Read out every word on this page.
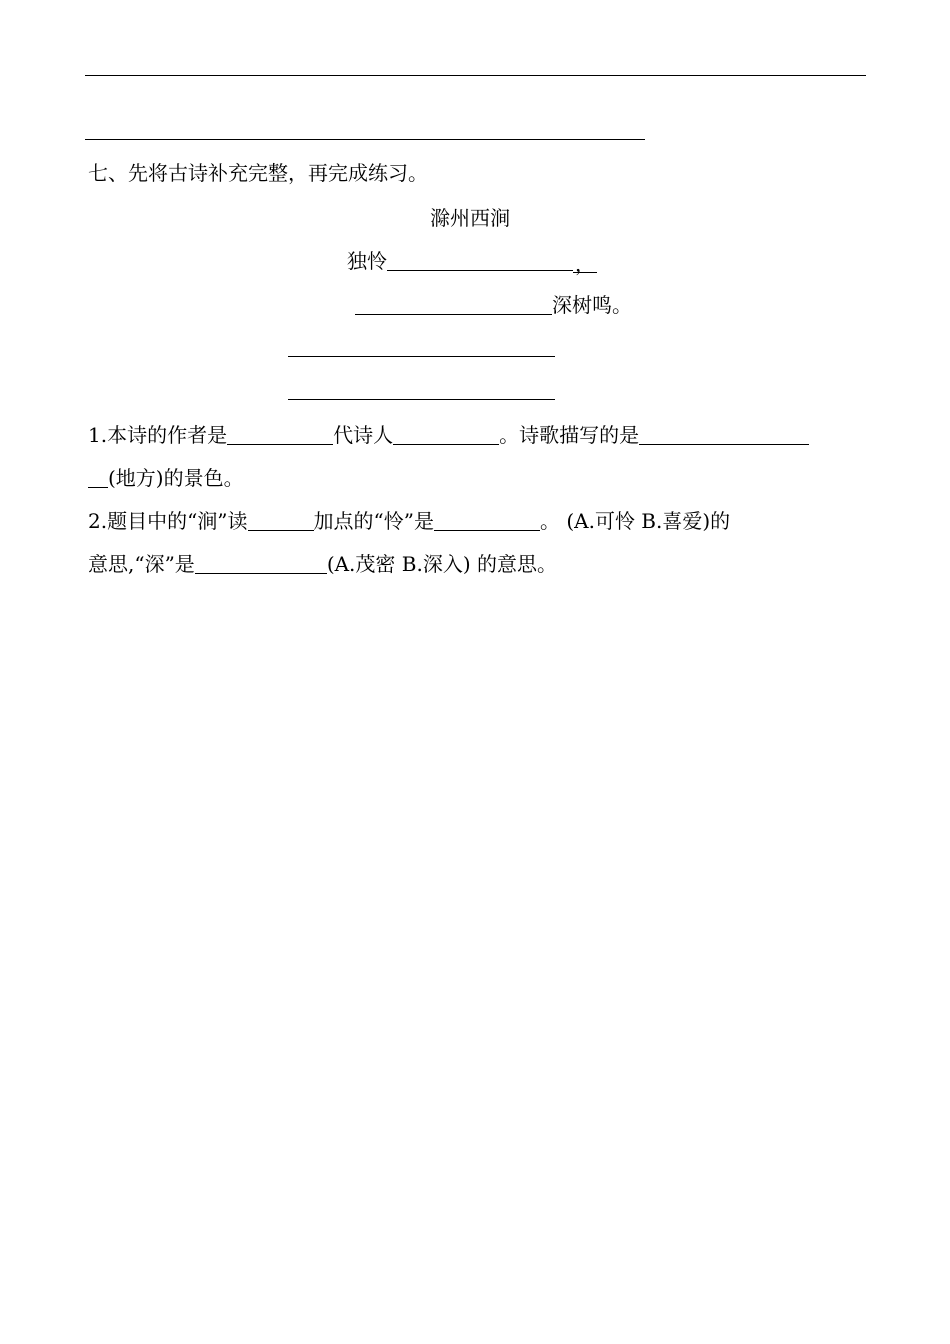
七、先将古诗补充完整，再完成练习。
滁州西涧
独怜	，
深树鸣。
1.本诗的作者是	代诗人	。诗歌描写的是
(地方)的景色。
2.题目中的“涧”读	加点的“怜”是	。 (A.可怜 B.喜爱)的
意思,“深”是	(A.茂密 B.深入) 的意思。
